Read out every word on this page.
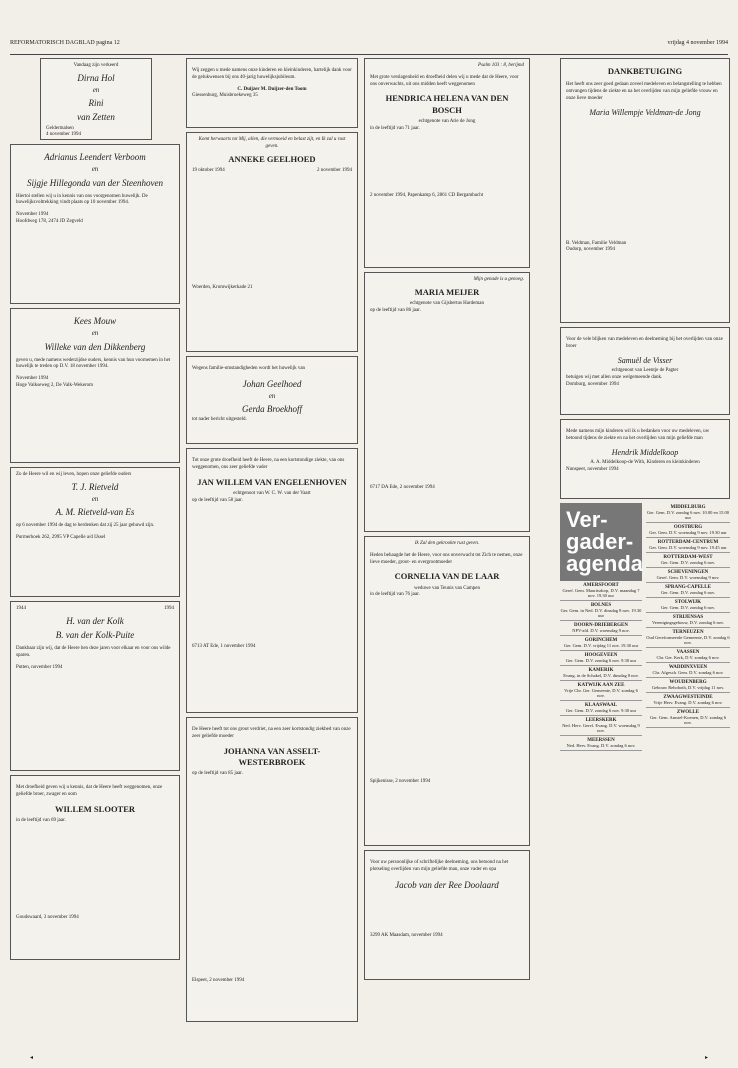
REFORMATORISCH DAGBLAD pagina 12	vrijdag 4 november 1994
Vandaag zijn verkeerd
Dirna Hol
en
Rini
van Zetten
Geldermalsen
4 november 1994
Adrianus Leendert Verboom
en
Sijgje Hillegonda van der Steenhoven

Hiertoi stellen wij u in kennis van ons voorgenomen huwelijk. De huwelijksvoltrekking vindt plaats op 10 november 1994.

November 1994
Hoofdweg 178, 2474 JD Zegveld
Kees Mouw
en
Willeke van den Dikkenberg

geven u, mede namens wederzijdse ouders, kennis van hun voornemen in het huwelijk te treden op D.V. 18 november 1994.

November 1994
Hoge Valkseweg 2, De Valk-Wekerom
Zo de Heere wil en wij leven, hopen onze geliefde ouders
T. J. Rietveld
en
A. M. Rietveld-van Es

op 6 november 1994 de dag te herdenken dat zij 25 jaar gehuwd zijn.

Purmerhoek 262, 2995 VP Capelle a/d IJssel
1944	1994
H. van der Kolk
B. van der Kolk-Puite

Dankbaar zijn wij, dat de Heere hen deze jaren voor elkaar en voor ons wilde sparen.

Putten, november 1994

Met droefheid geven wij u kennis, dat de Heere heeft weggenomen, onze geliefde broer, zwager en oom

WILLEM SLOOTER
in de leeftijd van 69 jaar.
Goudswaard, 3 november 1994

Wij zeggen u mede namens onze kinderen en kleinkinderen, hartelijk dank voor de gelukwensen bij ons 40-jarig huwelijksjubileum.

C. Duijzer M. Duijzer-den Toom
Giessenburg, Muisbroekeweg 35
Komt herwaarts tot Mij, allen, die vermoeid en belast zijt, en Ik zal u rust geven.
ANNEKE GEELHOED
19 oktober 1994	2 november 1994
Woerden, Kromwijkerkade 21

Wegens familie-omstandigheden wordt het huwelijk van

Johan Geelhoed
en
Gerda Broekhoff
tot nader bericht uitgesteld.

Tot onze grote droefheid heeft de Heere, na een kortstondige ziekte, van ons weggenomen, ons zeer geliefde vader

JAN WILLEM VAN ENGELENHOVEN
echtgenoot van W. C. W. van der Vaart
op de leeftijd van 58 jaar.
6713 AT Ede, 1 november 1994

De Heere heeft tot ons groot verdriet, na een zeer kortstondig ziekbed van onze zeer geliefde moeder

JOHANNA VAN ASSELT-WESTERBROEK
op de leeftijd van 85 jaar.
Elspeet, 2 november 1994
Psalm 103 : 8, berijmd

Met grote verslagenheid en droefheid delen wij u mede dat de Heere, voor ons onverwachts, uit ons midden heeft weggenomen

HENDRICA HELENA VAN DEN BOSCH
echtgenote van Arie de Jong
in de leeftijd van 71 jaar.
2 november 1994, Papenkamp 6, 2861 CD Bergambacht
Mijn genade is u genoeg.
MARIA MEIJER
echtgenote van Gijsbertus Hardeman
op de leeftijd van 86 jaar.
6717 DA Ede, 2 november 1994
Ik Zal den gekrookte rust geven.

Heden behaagde het de Heere, voor ons onverwacht tot Zich te nemen, onze lieve moeder, groot- en overgrootmoeder

CORNELIA VAN DE LAAR
weduwe van Teunis van Campen
in de leeftijd van 76 jaar.
Spijkenisse, 2 november 1994

Voor uw persoonlijke of schriftelijke deelneming, ons betoond na het plotseling overlijden van mijn geliefde man, onze vader en opa

Jacob van der Ree Doolaard
3299 AK Maasdam, november 1994
DANKBETUIGING

Het heeft ons zeer goed gedaan zoveel medeleven en belangstelling te hebben ontvangen tijdens de ziekte en na het overlijden van mijn geliefde vrouw en onze lieve moeder

Maria Willempje Veldman-de Jong
B. Veldman, Familie Veldman
Oudorp, november 1994

Voor de vele blijken van medeleven en deelneming bij het overlijden van onze broer

Samuël de Visser
echtgenoot van Leentje de Pagter
betuigen wij met allen onze welgemeende dank.
Domburg, november 1994

Mede namens mijn kinderen wil ik u bedanken voor uw medeleven, uw betoond tijdens de ziekte en na het overlijden van mijn geliefde man

Hendrik Middelkoop
A. A. Middelkoop-de With, Kinderen en kleinkinderen
Nunspeet, november 1994
Ver-
gader-
agenda
AMERSFOORT
Geref. Gem. Mauritsdorp, D.V. maandag 7 nov. 19.30 uur
BOLNES
Ger. Gem. in Ned. D.V. dinsdag 8 nov. 19.30 uur
DOORN-DRIEBERGEN
NPV-afd. D.V. woensdag 9 nov.
GORINCHEM
Ger. Gem. D.V. vrijdag 11 nov. 19.30 uur
HOOGEVEEN
Ger. Gem. D.V. zondag 6 nov. 9.30 uur
KAMERIK
Evang. in de Schakel, D.V. dinsdag 8 nov.
KATWIJK AAN ZEE
Vrije Chr. Ger. Gemeente, D.V. zondag 6 nov.
KLAASWAAL
Ger. Gem. D.V. zondag 6 nov. 9.30 uur
LEERSKERK
Ned. Herv. Geref. Evang. D.V. woensdag 9 nov.
MEERSSEN
Ned. Herv. Evang. D.V. zondag 6 nov.
MIDDELBURG
Ger. Gem. D.V. zondag 6 nov. 10.00 en 15.00 uur
OOSTBURG
Ger. Gem. D.V. woensdag 9 nov. 19.30 uur
ROTTERDAM-CENTRUM
Ger. Gem. D.V. woensdag 9 nov. 19.45 uur
ROTTERDAM-WEST
Ger. Gem. D.V. zondag 6 nov.
SCHEVENINGEN
Geref. Gem. D.V. woensdag 9 nov.
SPRANG-CAPELLE
Ger. Gem. D.V. zondag 6 nov.
STOLWIJK
Ger. Gem. D.V. zondag 6 nov.
STRIJENSAS
Verenigingsgebouw, D.V. zondag 6 nov.
TERNEUZEN
Oud Gereformeerde Gemeente, D.V. zondag 6 nov.
VAASSEN
Chr. Ger. Kerk, D.V. zondag 6 nov.
WADDINXVEEN
Chr. Afgesch. Gem. D.V. zondag 6 nov.
WOUDENBERG
Gebouw Rehoboth, D.V. vrijdag 11 nov.
ZWAAGWESTEINDE
Vrije Herv. Evang. D.V. zondag 6 nov.
ZWOLLE
Ger. Gem. Amstel-Koenen, D.V. zondag 6 nov.
◂	▸
